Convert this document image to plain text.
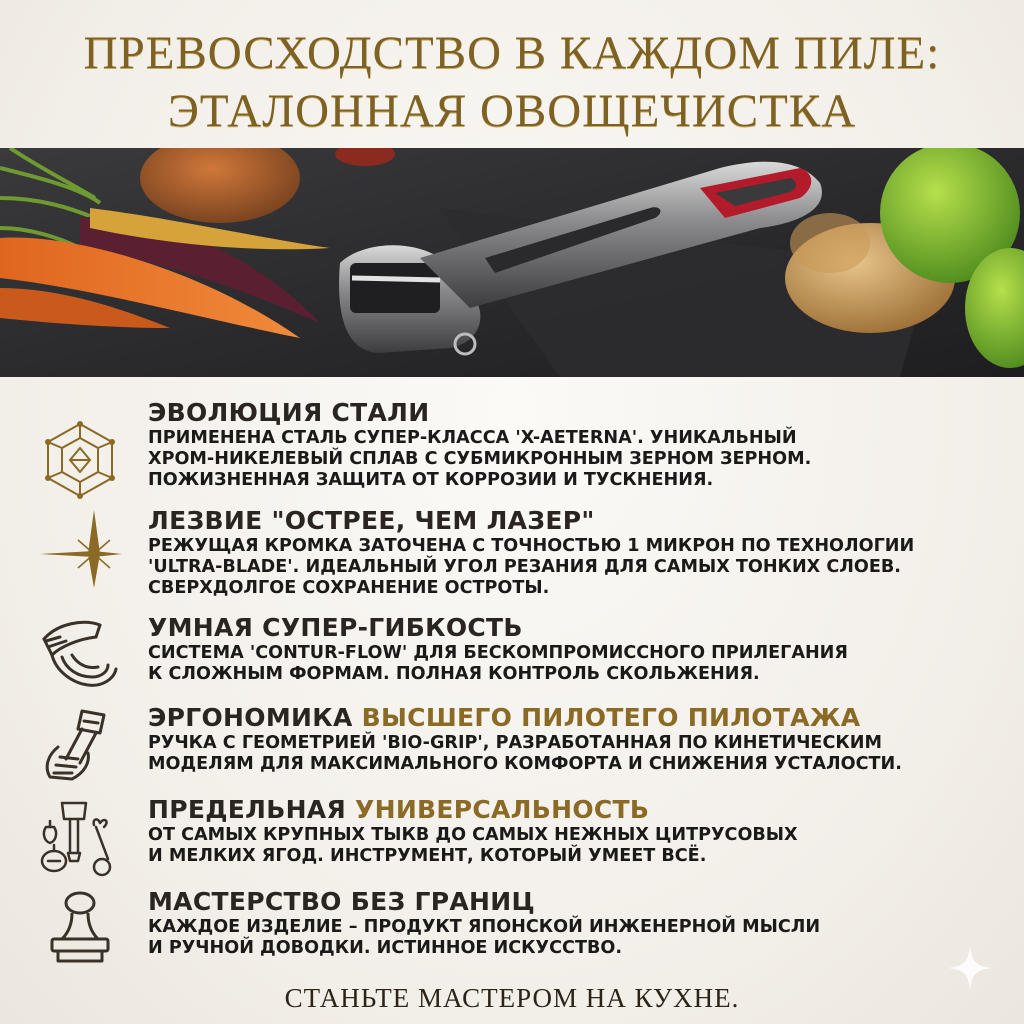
ПРЕВОСХОДСТВО В КАЖДОМ ПИЛЕ:
ЭТАЛОННАЯ ОВОЩЕЧИСТКА
ЭВОЛЮЦИЯ СТАЛИ
ПРИМЕНЕНА СТАЛЬ СУПЕР-КЛАССА 'X-AETERNA'. УНИКАЛЬНЫЙ
ХРОМ-НИКЕЛЕВЫЙ СПЛАВ С СУБМИКРОННЫМ ЗЕРНОМ ЗЕРНОМ.
ПОЖИЗНЕННАЯ ЗАЩИТА ОТ КОРРОЗИИ И ТУСКНЕНИЯ.
ЛЕЗВИЕ "ОСТРЕЕ, ЧЕМ ЛАЗЕР"
РЕЖУЩАЯ КРОМКА ЗАТОЧЕНА С ТОЧНОСТЬЮ 1 МИКРОН ПО ТЕХНОЛОГИИ
'ULTRA-BLADE'. ИДЕАЛЬНЫЙ УГОЛ РЕЗАНИЯ ДЛЯ САМЫХ ТОНКИХ СЛОЕВ.
СВЕРХДОЛГОЕ СОХРАНЕНИЕ ОСТРОТЫ.
УМНАЯ СУПЕР-ГИБКОСТЬ
СИСТЕМА 'CONTUR-FLOW' ДЛЯ БЕСКОМПРОМИССНОГО ПРИЛЕГАНИЯ
К СЛОЖНЫМ ФОРМАМ. ПОЛНАЯ КОНТРОЛЬ СКОЛЬЖЕНИЯ.
ЭРГОНОМИКА ВЫСШЕГО ПИЛОТЕГО ПИЛОТАЖА
РУЧКА С ГЕОМЕТРИЕЙ 'BIO-GRIP', РАЗРАБОТАННАЯ ПО КИНЕТИЧЕСКИМ
МОДЕЛЯМ ДЛЯ МАКСИМАЛЬНОГО КОМФОРТА И СНИЖЕНИЯ УСТАЛОСТИ.
ПРЕДЕЛЬНАЯ УНИВЕРСАЛЬНОСТЬ
ОТ САМЫХ КРУПНЫХ ТЫКВ ДО САМЫХ НЕЖНЫХ ЦИТРУСОВЫХ
И МЕЛКИХ ЯГОД. ИНСТРУМЕНТ, КОТОРЫЙ УМЕЕТ ВСЁ.
МАСТЕРСТВО БЕЗ ГРАНИЦ
КАЖДОЕ ИЗДЕЛИЕ – ПРОДУКТ ЯПОНСКОЙ ИНЖЕНЕРНОЙ МЫСЛИ
И РУЧНОЙ ДОВОДКИ. ИСТИННОЕ ИСКУССТВО.
СТАНЬТЕ МАСТЕРОМ НА КУХНЕ.
